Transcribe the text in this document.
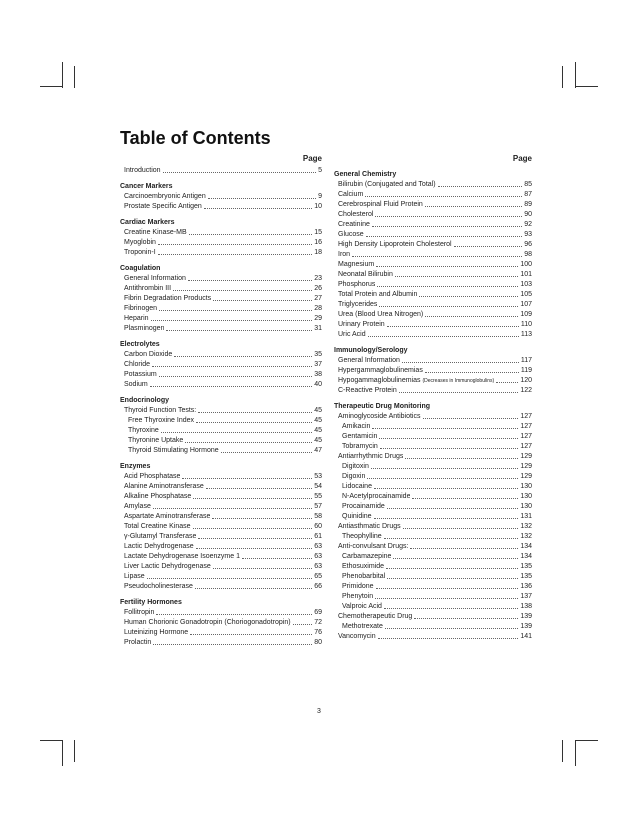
Table of Contents
Page
Introduction	5
Cancer Markers
Carcinoembryonic Antigen	9
Prostate Specific Antigen	10
Cardiac Markers
Creatine Kinase-MB	15
Myoglobin	16
Troponin-I	18
Coagulation
General Information	23
Antithrombin III	26
Fibrin Degradation Products	27
Fibrinogen	28
Heparin	29
Plasminogen	31
Electrolytes
Carbon Dioxide	35
Chloride	37
Potassium	38
Sodium	40
Endocrinology
Thyroid Function Tests:	45
Free Thyroxine Index	45
Thyroxine	45
Thyronine Uptake	45
Thyroid Stimulating Hormone	47
Enzymes
Acid Phosphatase	53
Alanine Aminotransferase	54
Alkaline Phosphatase	55
Amylase	57
Aspartate Aminotransferase	58
Total Creatine Kinase	60
γ-Glutamyl Transferase	61
Lactic Dehydrogenase	63
Lactate Dehydrogenase Isoenzyme 1	63
Liver Lactic Dehydrogenase	63
Lipase	65
Pseudocholinesterase	66
Fertility Hormones
Follitropin	69
Human Chorionic Gonadotropin (Choriogonadotropin)	72
Luteinizing Hormone	76
Prolactin	80
Page
General Chemistry
Bilirubin (Conjugated and Total)	85
Calcium	87
Cerebrospinal Fluid Protein	89
Cholesterol	90
Creatinine	92
Glucose	93
High Density Lipoprotein Cholesterol	96
Iron	98
Magnesium	100
Neonatal Bilirubin	101
Phosphorus	103
Total Protein and Albumin	105
Triglycerides	107
Urea (Blood Urea Nitrogen)	109
Urinary Protein	110
Uric Acid	113
Immunology/Serology
General Information	117
Hypergammaglobulinemias	119
Hypogammaglobulinemias (Decreases in Immunoglobulins)	120
C-Reactive Protein	122
Therapeutic Drug Monitoring
Aminoglycoside Antibiotics	127
Amikacin	127
Gentamicin	127
Tobramycin	127
Antiarrhythmic Drugs	129
Digitoxin	129
Digoxin	129
Lidocaine	130
N-Acetylprocainamide	130
Procainamide	130
Quinidine	131
Antiasthmatic Drugs	132
Theophylline	132
Anti-convulsant Drugs:	134
Carbamazepine	134
Ethosuximide	135
Phenobarbital	135
Primidone	136
Phenytoin	137
Valproic Acid	138
Chemotherapeutic Drug	139
Methotrexate	139
Vancomycin	141
3
